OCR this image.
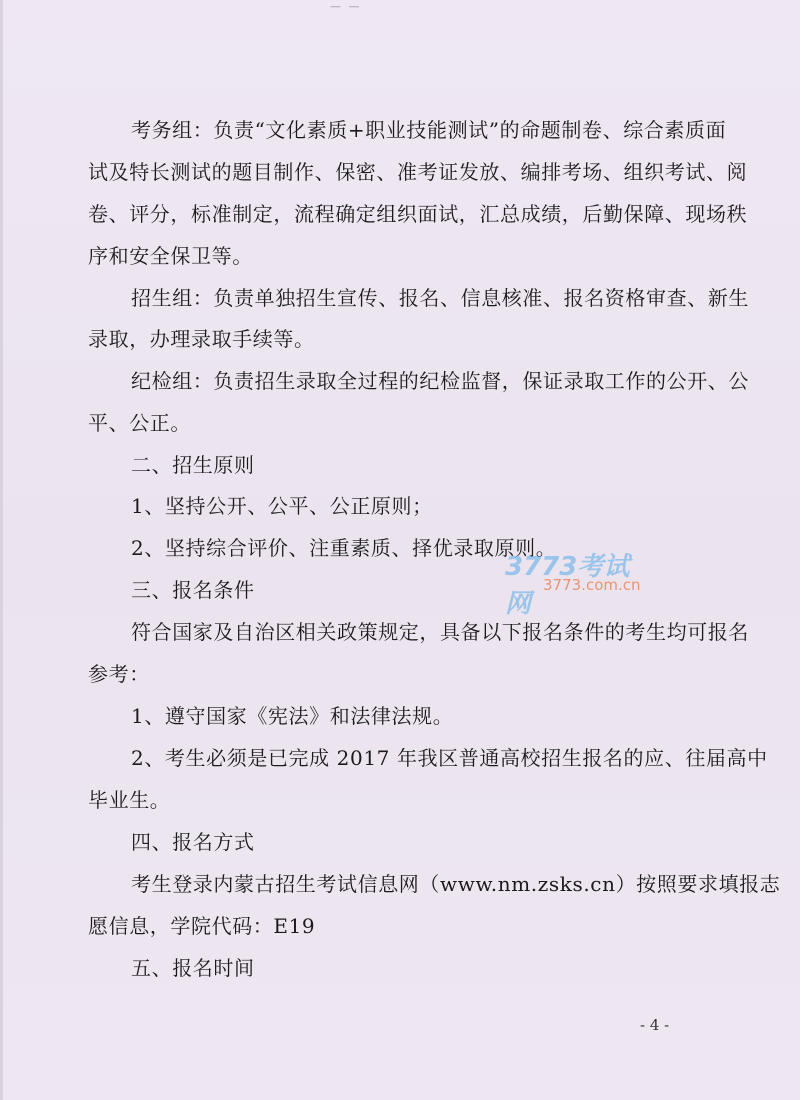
— —
考务组：负责“文化素质+职业技能测试”的命题制卷、综合素质面
试及特长测试的题目制作、保密、准考证发放、编排考场、组织考试、阅
卷、评分，标准制定，流程确定组织面试，汇总成绩，后勤保障、现场秩
序和安全保卫等。
招生组：负责单独招生宣传、报名、信息核准、报名资格审查、新生
录取，办理录取手续等。
纪检组：负责招生录取全过程的纪检监督，保证录取工作的公开、公
平、公正。
二、招生原则
1、坚持公开、公平、公正原则；
2、坚持综合评价、注重素质、择优录取原则。
三、报名条件
符合国家及自治区相关政策规定，具备以下报名条件的考生均可报名
参考：
1、遵守国家《宪法》和法律法规。
2、考生必须是已完成 2017 年我区普通高校招生报名的应、往届高中
毕业生。
四、报名方式
考生登录内蒙古招生考试信息网（www.nm.zsks.cn）按照要求填报志
愿信息，学院代码：E19
五、报名时间
3773考试网
3773.com.cn
- 4 -
